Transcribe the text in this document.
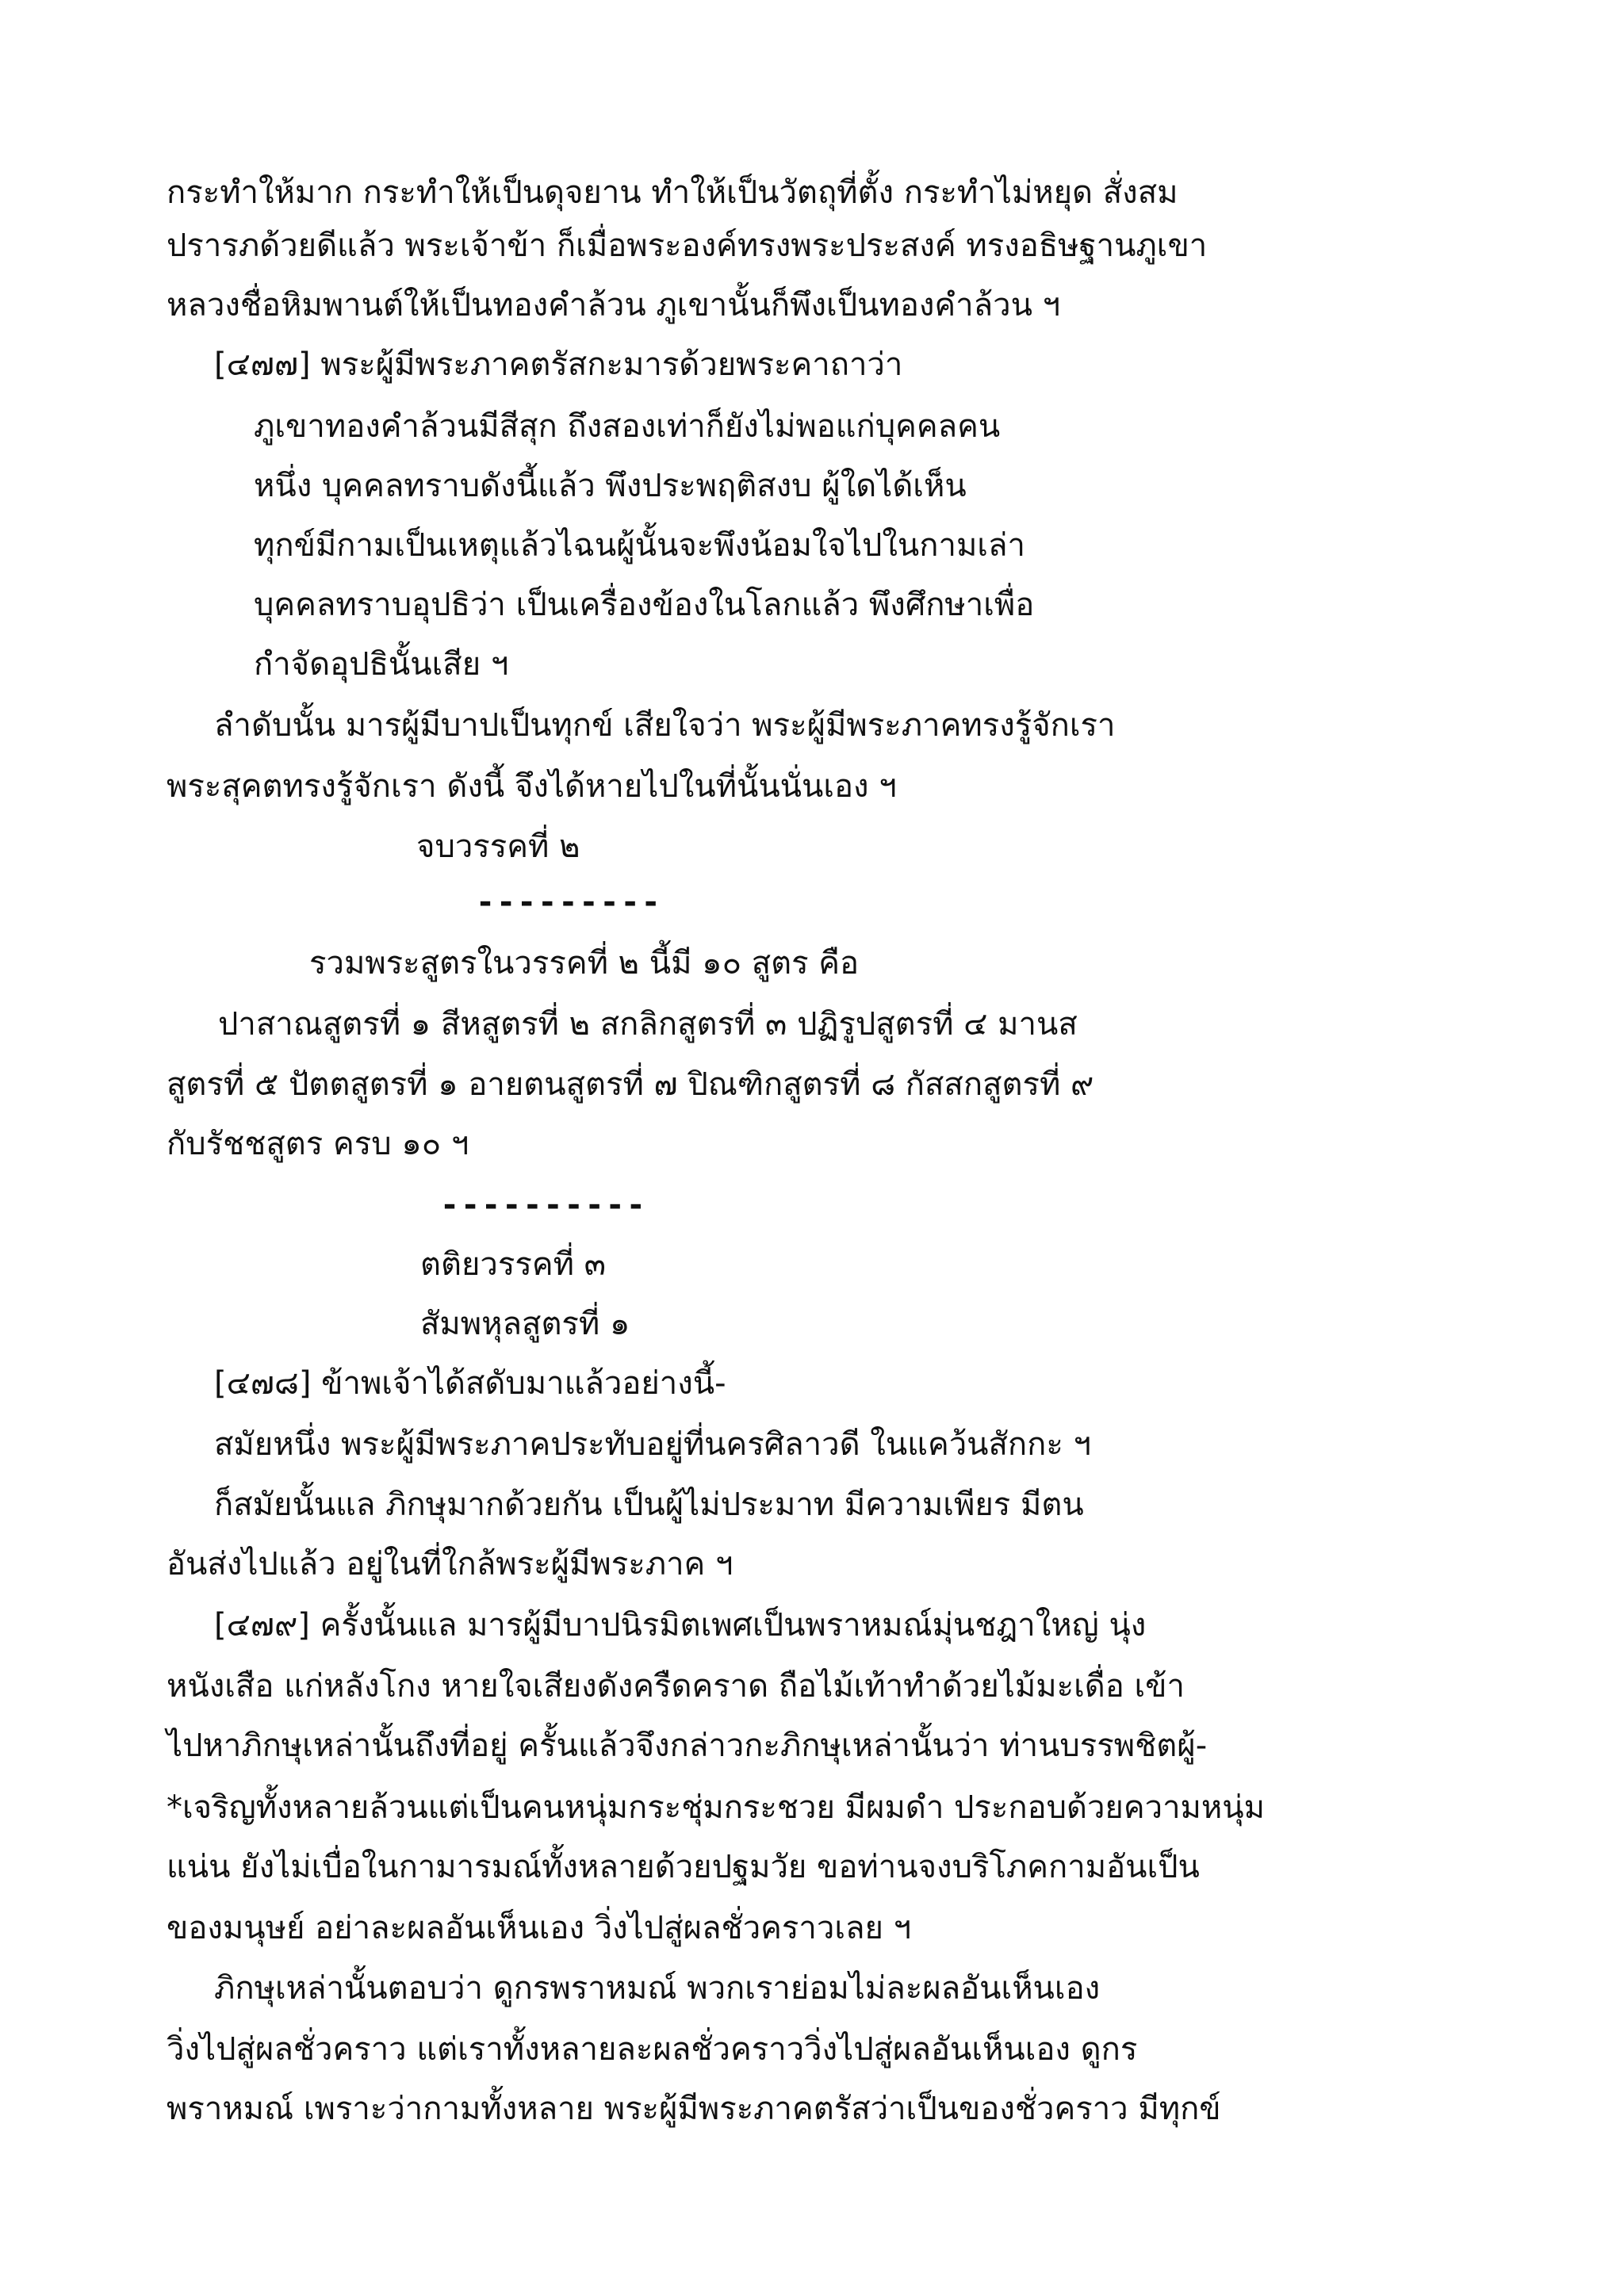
กระทำให้มาก กระทำให้เป็นดุจยาน ทำให้เป็นวัตถุที่ตั้ง กระทำไม่หยุด สั่งสม
ปรารภด้วยดีแล้ว พระเจ้าข้า ก็เมื่อพระองค์ทรงพระประสงค์ ทรงอธิษฐานภูเขา
หลวงชื่อหิมพานต์ให้เป็นทองคำล้วน ภูเขานั้นก็พึงเป็นทองคำล้วน ฯ
[๔๗๗] พระผู้มีพระภาคตรัสกะมารด้วยพระคาถาว่า
ภูเขาทองคำล้วนมีสีสุก ถึงสองเท่าก็ยังไม่พอแก่บุคคลคน
หนึ่ง บุคคลทราบดังนี้แล้ว พึงประพฤติสงบ ผู้ใดได้เห็น
ทุกข์มีกามเป็นเหตุแล้วไฉนผู้นั้นจะพึงน้อมใจไปในกามเล่า
บุคคลทราบอุปธิว่า เป็นเครื่องข้องในโลกแล้ว พึงศึกษาเพื่อ
กำจัดอุปธินั้นเสีย ฯ
ลำดับนั้น มารผู้มีบาปเป็นทุกข์ เสียใจว่า พระผู้มีพระภาคทรงรู้จักเรา
พระสุคตทรงรู้จักเรา ดังนี้ จึงได้หายไปในที่นั้นนั่นเอง ฯ
จบวรรคที่ ๒
---------
รวมพระสูตรในวรรคที่ ๒ นี้มี ๑๐ สูตร คือ
ปาสาณสูตรที่ ๑ สีหสูตรที่ ๒ สกลิกสูตรที่ ๓ ปฏิรูปสูตรที่ ๔ มานส
สูตรที่ ๕ ปัตตสูตรที่ ๑ อายตนสูตรที่ ๗ ปิณฑิกสูตรที่ ๘ กัสสกสูตรที่ ๙
กับรัชชสูตร ครบ ๑๐ ฯ
----------
ตติยวรรคที่ ๓
สัมพหุลสูตรที่ ๑
[๔๗๘] ข้าพเจ้าได้สดับมาแล้วอย่างนี้-
สมัยหนึ่ง พระผู้มีพระภาคประทับอยู่ที่นครศิลาวดี ในแคว้นสักกะ ฯ
ก็สมัยนั้นแล ภิกษุมากด้วยกัน เป็นผู้ไม่ประมาท มีความเพียร มีตน
อันส่งไปแล้ว อยู่ในที่ใกล้พระผู้มีพระภาค ฯ
[๔๗๙] ครั้งนั้นแล มารผู้มีบาปนิรมิตเพศเป็นพราหมณ์มุ่นชฎาใหญ่ นุ่ง
หนังเสือ แก่หลังโกง หายใจเสียงดังครืดคราด ถือไม้เท้าทำด้วยไม้มะเดื่อ เข้า
ไปหาภิกษุเหล่านั้นถึงที่อยู่ ครั้นแล้วจึงกล่าวกะภิกษุเหล่านั้นว่า ท่านบรรพชิตผู้-
*เจริญทั้งหลายล้วนแต่เป็นคนหนุ่มกระชุ่มกระชวย มีผมดำ ประกอบด้วยความหนุ่ม
แน่น ยังไม่เบื่อในกามารมณ์ทั้งหลายด้วยปฐมวัย ขอท่านจงบริโภคกามอันเป็น
ของมนุษย์ อย่าละผลอันเห็นเอง วิ่งไปสู่ผลชั่วคราวเลย ฯ
ภิกษุเหล่านั้นตอบว่า ดูกรพราหมณ์ พวกเราย่อมไม่ละผลอันเห็นเอง
วิ่งไปสู่ผลชั่วคราว แต่เราทั้งหลายละผลชั่วคราววิ่งไปสู่ผลอันเห็นเอง ดูกร
พราหมณ์ เพราะว่ากามทั้งหลาย พระผู้มีพระภาคตรัสว่าเป็นของชั่วคราว มีทุกข์
